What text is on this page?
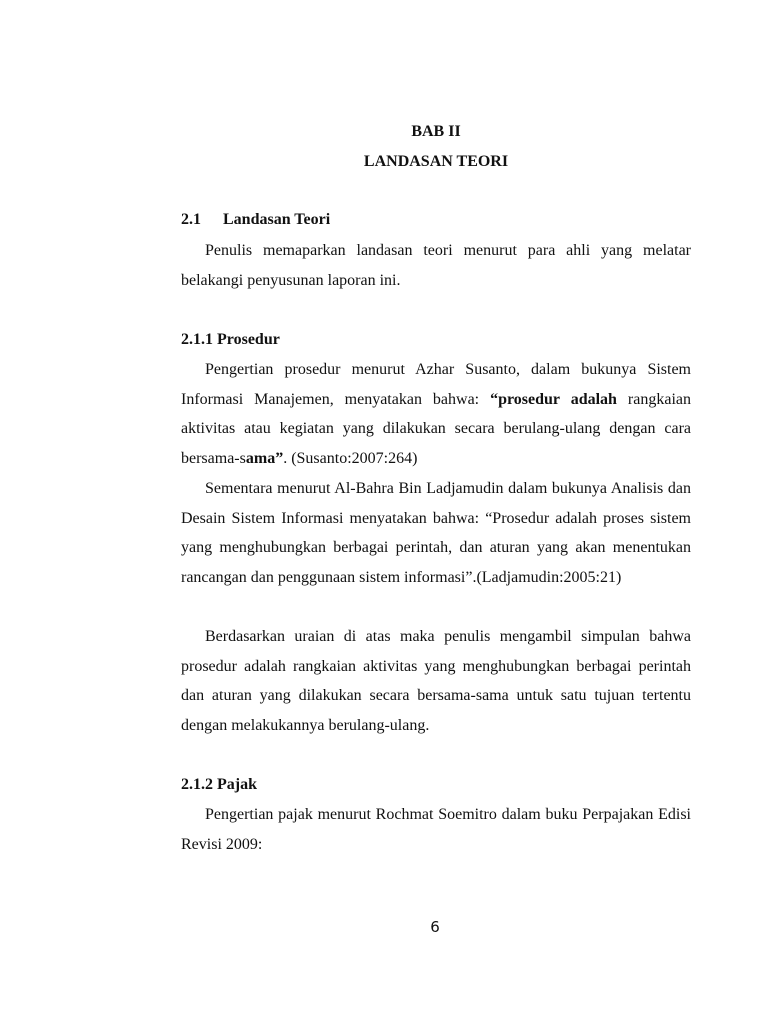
BAB II
LANDASAN TEORI
2.1 Landasan Teori

Penulis memaparkan landasan teori menurut para ahli yang melatar belakangi penyusunan laporan ini.

2.1.1 Prosedur

Pengertian prosedur menurut Azhar Susanto, dalam bukunya Sistem Informasi Manajemen, menyatakan bahwa: “prosedur adalah rangkaian aktivitas atau kegiatan yang dilakukan secara berulang-ulang dengan cara bersama-sama”. (Susanto:2007:264)

Sementara menurut Al-Bahra Bin Ladjamudin dalam bukunya Analisis dan Desain Sistem Informasi menyatakan bahwa: “Prosedur adalah proses sistem yang menghubungkan berbagai perintah, dan aturan yang akan menentukan rancangan dan penggunaan sistem informasi”.(Ladjamudin:2005:21)

Berdasarkan uraian di atas maka penulis mengambil simpulan bahwa prosedur adalah rangkaian aktivitas yang menghubungkan berbagai perintah dan aturan yang dilakukan secara bersama-sama untuk satu tujuan tertentu dengan melakukannya berulang-ulang.

2.1.2 Pajak

Pengertian pajak menurut Rochmat Soemitro dalam buku Perpajakan Edisi Revisi 2009:

6
